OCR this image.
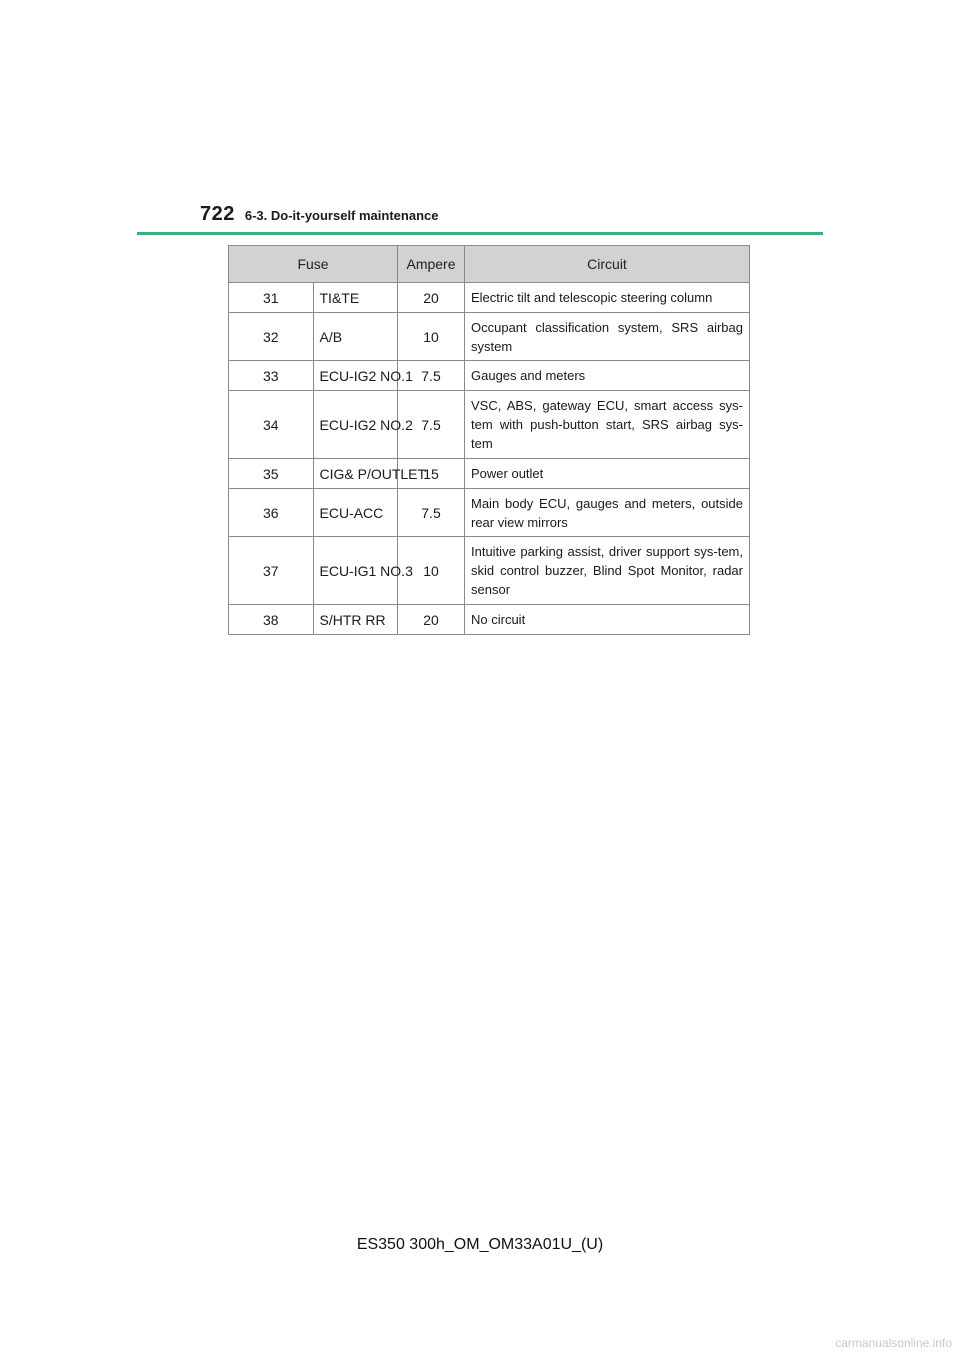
722 6-3. Do-it-yourself maintenance
Fuse		Ampere	Circuit
31	TI&TE	20	Electric tilt and telescopic steering column
32	A/B	10	Occupant classification system, SRS airbag system
33	ECU-IG2 NO.1	7.5	Gauges and meters
34	ECU-IG2 NO.2	7.5	VSC, ABS, gateway ECU, smart access sys-tem with push-button start, SRS airbag sys-tem
35	CIG& P/OUTLET	15	Power outlet
36	ECU-ACC	7.5	Main body ECU, gauges and meters, outside rear view mirrors
37	ECU-IG1 NO.3	10	Intuitive parking assist, driver support sys-tem, skid control buzzer, Blind Spot Monitor, radar sensor
38	S/HTR RR	20	No circuit
ES350 300h_OM_OM33A01U_(U)
carmanualsonline.info
